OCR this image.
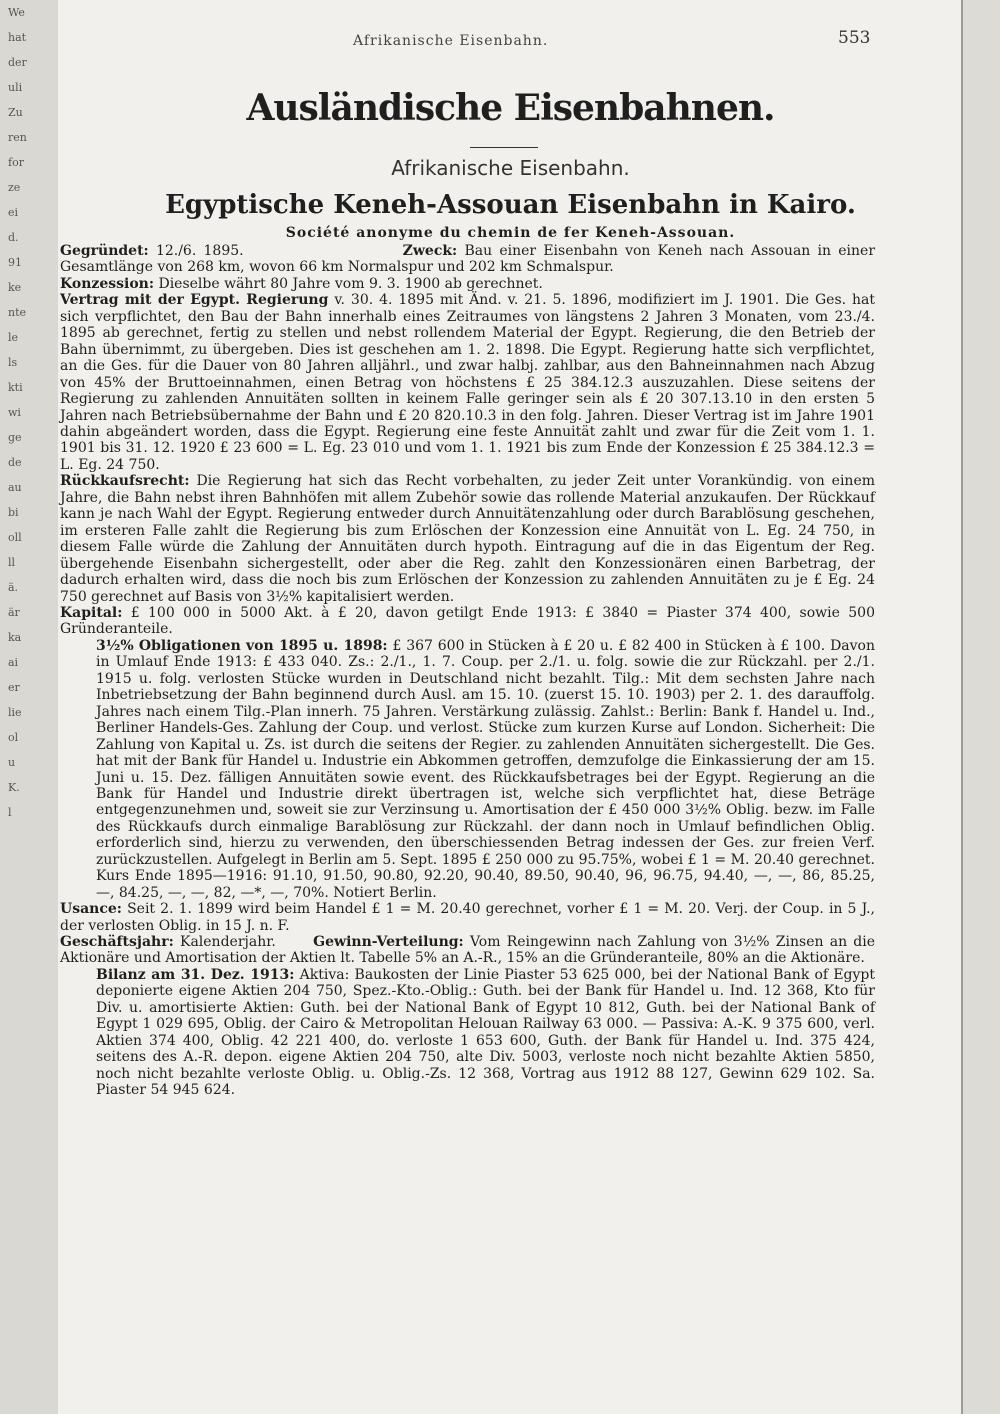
We
hat
der
uli
Zu
ren
for
ze
ei
d.
91
ke
nte
le
ls
kti
wi
ge
de
au
bi
oll
ll
ä.
är
ka
ai
er
lie
ol
u
K.
l
Afrikanische Eisenbahn.	553
Ausländische Eisenbahnen.
Afrikanische Eisenbahn.
Egyptische Keneh-Assouan Eisenbahn in Kairo.
Société anonyme du chemin de fer Keneh-Assouan.

Gegründet: 12./6. 1895.	Zweck: Bau einer Eisenbahn von Keneh nach Assouan in einer Gesamtlänge von 268 km, wovon 66 km Normalspur und 202 km Schmalspur.

Konzession: Dieselbe währt 80 Jahre vom 9. 3. 1900 ab gerechnet.

Vertrag mit der Egypt. Regierung v. 30. 4. 1895 mit Änd. v. 21. 5. 1896, modifiziert im J. 1901. Die Ges. hat sich verpflichtet, den Bau der Bahn innerhalb eines Zeitraumes von längstens 2 Jahren 3 Monaten, vom 23./4. 1895 ab gerechnet, fertig zu stellen und nebst rollendem Material der Egypt. Regierung, die den Betrieb der Bahn übernimmt, zu übergeben. Dies ist geschehen am 1. 2. 1898. Die Egypt. Regierung hatte sich verpflichtet, an die Ges. für die Dauer von 80 Jahren alljährl., und zwar halbj. zahlbar, aus den Bahneinnahmen nach Abzug von 45% der Bruttoeinnahmen, einen Betrag von höchstens £ 25 384.12.3 auszuzahlen. Diese seitens der Regierung zu zahlenden Annuitäten sollten in keinem Falle geringer sein als £ 20 307.13.10 in den ersten 5 Jahren nach Betriebsübernahme der Bahn und £ 20 820.10.3 in den folg. Jahren. Dieser Vertrag ist im Jahre 1901 dahin abgeändert worden, dass die Egypt. Regierung eine feste Annuität zahlt und zwar für die Zeit vom 1. 1. 1901 bis 31. 12. 1920 £ 23 600 = L. Eg. 23 010 und vom 1. 1. 1921 bis zum Ende der Konzession £ 25 384.12.3 = L. Eg. 24 750.

Rückkaufsrecht: Die Regierung hat sich das Recht vorbehalten, zu jeder Zeit unter Vorankündig. von einem Jahre, die Bahn nebst ihren Bahnhöfen mit allem Zubehör sowie das rollende Material anzukaufen. Der Rückkauf kann je nach Wahl der Egypt. Regierung entweder durch Annuitätenzahlung oder durch Barablösung geschehen, im ersteren Falle zahlt die Regierung bis zum Erlöschen der Konzession eine Annuität von L. Eg. 24 750, in diesem Falle würde die Zahlung der Annuitäten durch hypoth. Eintragung auf die in das Eigentum der Reg. übergehende Eisenbahn sichergestellt, oder aber die Reg. zahlt den Konzessionären einen Barbetrag, der dadurch erhalten wird, dass die noch bis zum Erlöschen der Konzession zu zahlenden Annuitäten zu je £ Eg. 24 750 gerechnet auf Basis von 3½% kapitalisiert werden.

Kapital: £ 100 000 in 5000 Akt. à £ 20, davon getilgt Ende 1913: £ 3840 = Piaster 374 400, sowie 500 Gründeranteile.

3½% Obligationen von 1895 u. 1898: £ 367 600 in Stücken à £ 20 u. £ 82 400 in Stücken à £ 100. Davon in Umlauf Ende 1913: £ 433 040. Zs.: 2./1., 1. 7. Coup. per 2./1. u. folg. sowie die zur Rückzahl. per 2./1. 1915 u. folg. verlosten Stücke wurden in Deutschland nicht bezahlt. Tilg.: Mit dem sechsten Jahre nach Inbetriebsetzung der Bahn beginnend durch Ausl. am 15. 10. (zuerst 15. 10. 1903) per 2. 1. des darauffolg. Jahres nach einem Tilg.-Plan innerh. 75 Jahren. Verstärkung zulässig. Zahlst.: Berlin: Bank f. Handel u. Ind., Berliner Handels-Ges. Zahlung der Coup. und verlost. Stücke zum kurzen Kurse auf London. Sicherheit: Die Zahlung von Kapital u. Zs. ist durch die seitens der Regier. zu zahlenden Annuitäten sichergestellt. Die Ges. hat mit der Bank für Handel u. Industrie ein Abkommen getroffen, demzufolge die Einkassierung der am 15. Juni u. 15. Dez. fälligen Annuitäten sowie event. des Rückkaufsbetrages bei der Egypt. Regierung an die Bank für Handel und Industrie direkt übertragen ist, welche sich verpflichtet hat, diese Beträge entgegenzunehmen und, soweit sie zur Verzinsung u. Amortisation der £ 450 000 3½% Oblig. bezw. im Falle des Rückkaufs durch einmalige Barablösung zur Rückzahl. der dann noch in Umlauf befindlichen Oblig. erforderlich sind, hierzu zu verwenden, den überschiessenden Betrag indessen der Ges. zur freien Verf. zurückzustellen. Aufgelegt in Berlin am 5. Sept. 1895 £ 250 000 zu 95.75%, wobei £ 1 = M. 20.40 gerechnet. Kurs Ende 1895—1916: 91.10, 91.50, 90.80, 92.20, 90.40, 89.50, 90.40, 96, 96.75, 94.40, —, —, 86, 85.25, —, 84.25, —, —, 82, —*, —, 70%. Notiert Berlin.

Usance: Seit 2. 1. 1899 wird beim Handel £ 1 = M. 20.40 gerechnet, vorher £ 1 = M. 20. Verj. der Coup. in 5 J., der verlosten Oblig. in 15 J. n. F.

Geschäftsjahr: Kalenderjahr.	Gewinn-Verteilung: Vom Reingewinn nach Zahlung von 3½% Zinsen an die Aktionäre und Amortisation der Aktien lt. Tabelle 5% an A.-R., 15% an die Gründeranteile, 80% an die Aktionäre.

Bilanz am 31. Dez. 1913: Aktiva: Baukosten der Linie Piaster 53 625 000, bei der National Bank of Egypt deponierte eigene Aktien 204 750, Spez.-Kto.-Oblig.: Guth. bei der Bank für Handel u. Ind. 12 368, Kto für Div. u. amortisierte Aktien: Guth. bei der National Bank of Egypt 10 812, Guth. bei der National Bank of Egypt 1 029 695, Oblig. der Cairo & Metropolitan Helouan Railway 63 000. — Passiva: A.-K. 9 375 600, verl. Aktien 374 400, Oblig. 42 221 400, do. verloste 1 653 600, Guth. der Bank für Handel u. Ind. 375 424, seitens des A.-R. depon. eigene Aktien 204 750, alte Div. 5003, verloste noch nicht bezahlte Aktien 5850, noch nicht bezahlte verloste Oblig. u. Oblig.-Zs. 12 368, Vortrag aus 1912 88 127, Gewinn 629 102. Sa. Piaster 54 945 624.
